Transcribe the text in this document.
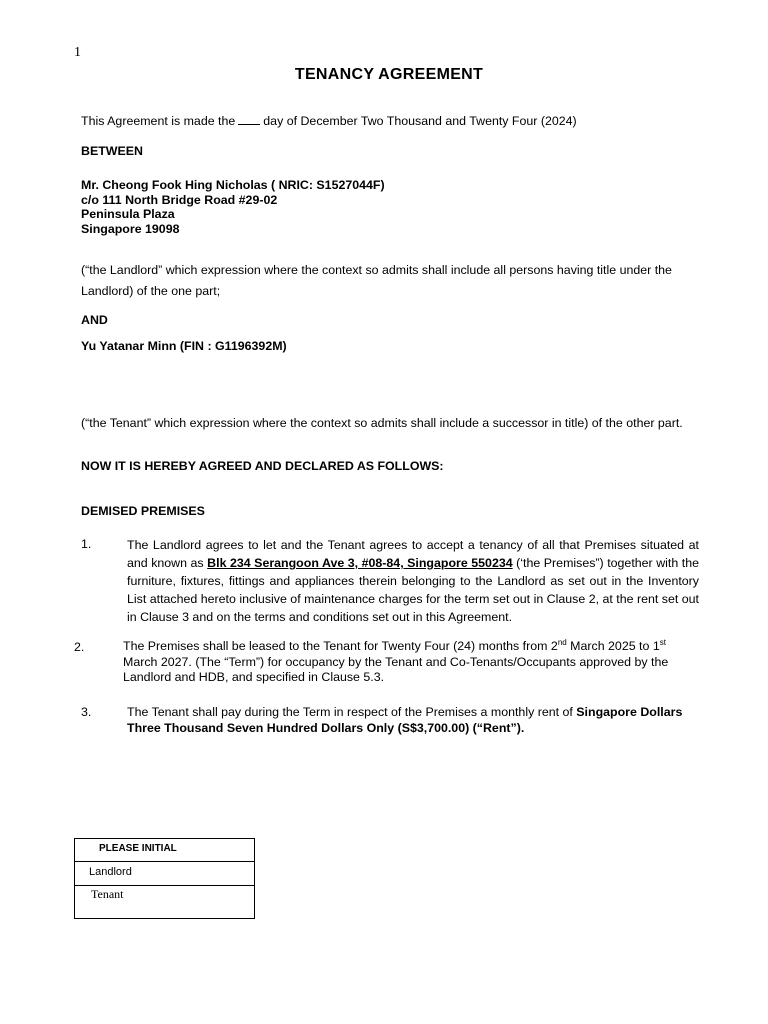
1
TENANCY AGREEMENT
This Agreement is made the day of December Two Thousand and Twenty Four (2024)
BETWEEN
Mr. Cheong Fook Hing Nicholas ( NRIC: S1527044F)
c/o 111 North Bridge Road #29-02
Peninsula Plaza
Singapore 19098
(“the Landlord” which expression where the context so admits shall include all persons having title under the Landlord) of the one part;
AND
Yu Yatanar Minn (FIN : G1196392M)
(“the Tenant” which expression where the context so admits shall include a successor in title) of the other part.
NOW IT IS HEREBY AGREED AND DECLARED AS FOLLOWS:
DEMISED PREMISES
1.	The Landlord agrees to let and the Tenant agrees to accept a tenancy of all that Premises situated at and known as Blk 234 Serangoon Ave 3, #08-84, Singapore 550234 (‘the Premises”) together with the furniture, fixtures, fittings and appliances therein belonging to the Landlord as set out in the Inventory List attached hereto inclusive of maintenance charges for the term set out in Clause 2, at the rent set out in Clause 3 and on the terms and conditions set out in this Agreement.
2.	The Premises shall be leased to the Tenant for Twenty Four (24) months from 2nd March 2025 to 1st March 2027. (The “Term”) for occupancy by the Tenant and Co-Tenants/Occupants approved by the Landlord and HDB, and specified in Clause 5.3.
3.	The Tenant shall pay during the Term in respect of the Premises a monthly rent of Singapore Dollars Three Thousand Seven Hundred Dollars Only (S$3,700.00) (“Rent”).
PLEASE INITIAL
Landlord
Tenant
